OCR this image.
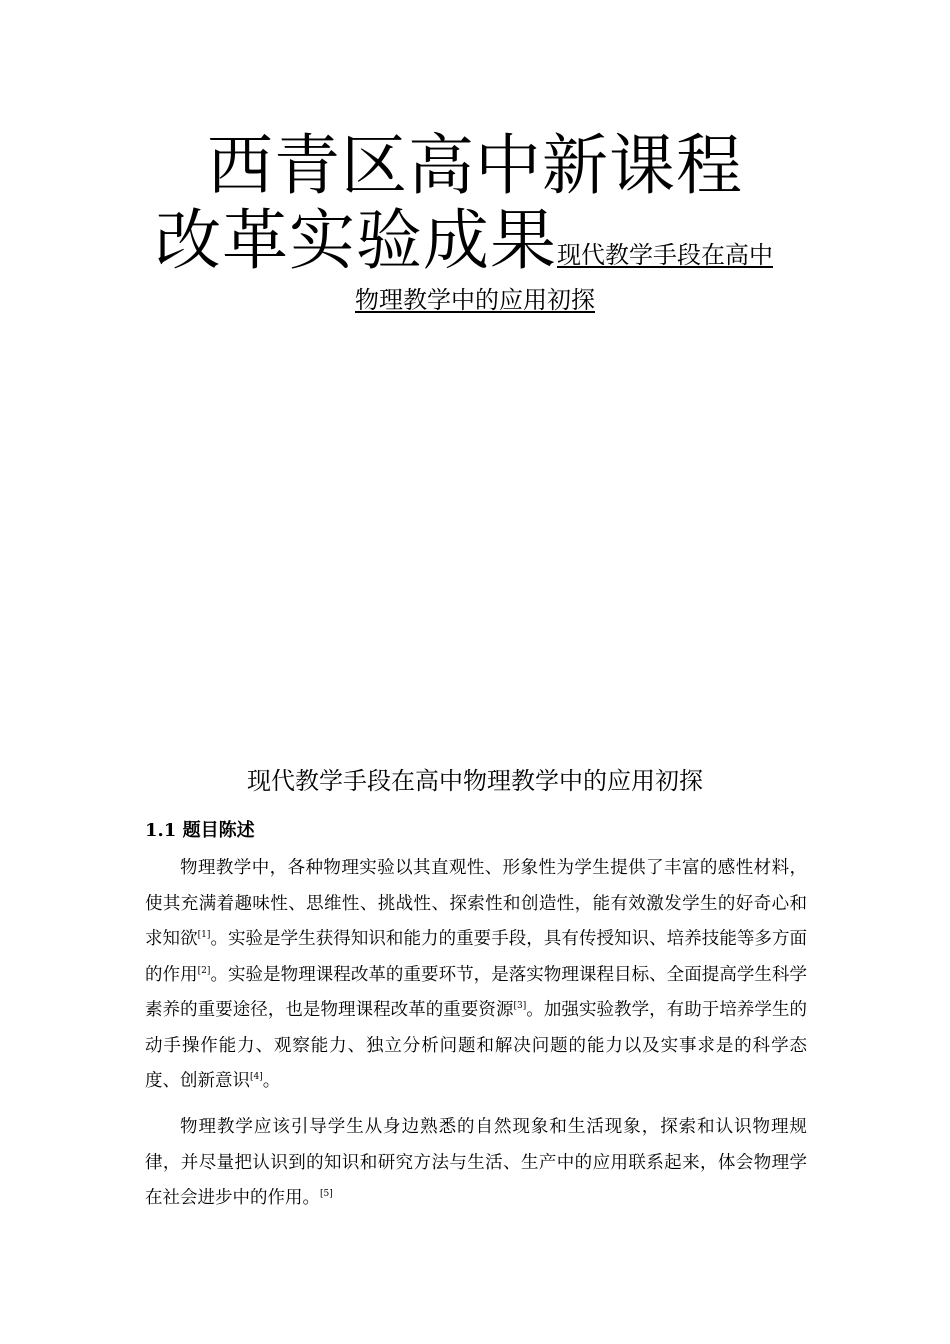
西青区高中新课程
改革实验成果现代教学手段在高中
物理教学中的应用初探
现代教学手段在高中物理教学中的应用初探
1.1 题目陈述

物理教学中，各种物理实验以其直观性、形象性为学生提供了丰富的感性材料，使其充满着趣味性、思维性、挑战性、探索性和创造性，能有效激发学生的好奇心和求知欲[1]。实验是学生获得知识和能力的重要手段，具有传授知识、培养技能等多方面的作用[2]。实验是物理课程改革的重要环节，是落实物理课程目标、全面提高学生科学素养的重要途径，也是物理课程改革的重要资源[3]。加强实验教学，有助于培养学生的动手操作能力、观察能力、独立分析问题和解决问题的能力以及实事求是的科学态度、创新意识[4]。

物理教学应该引导学生从身边熟悉的自然现象和生活现象，探索和认识物理规律，并尽量把认识到的知识和研究方法与生活、生产中的应用联系起来，体会物理学在社会进步中的作用。[5]
